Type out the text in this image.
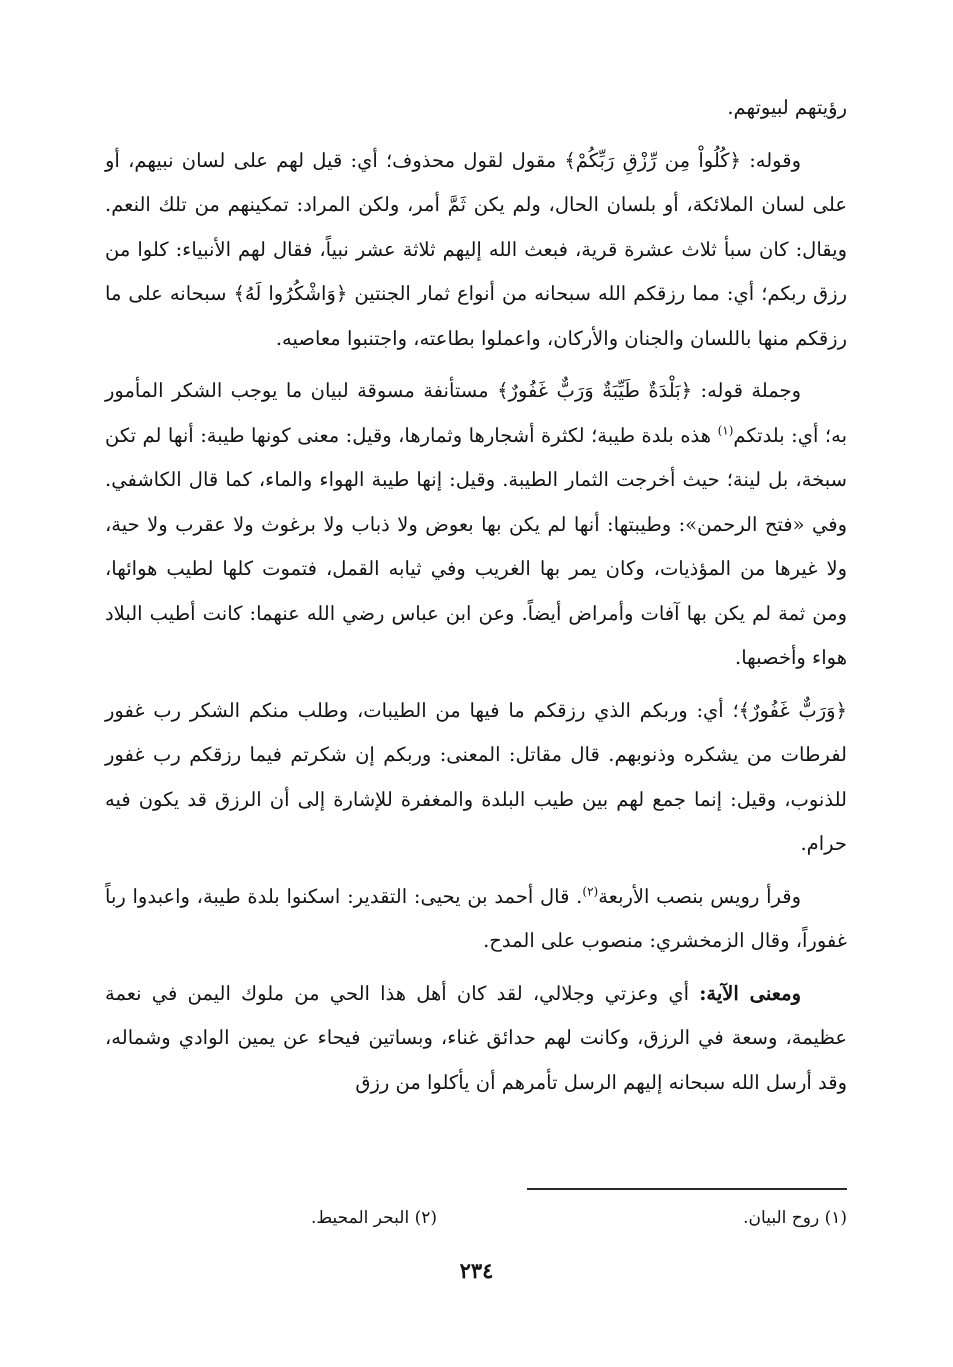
رؤيتهم لبيوتهم.

وقوله: ﴿كُلُواْ مِن رِّزْقِ رَبِّكُمْ﴾ مقول لقول محذوف؛ أي: قيل لهم على لسان نبيهم، أو على لسان الملائكة، أو بلسان الحال، ولم يكن ثَمَّ أمر، ولكن المراد: تمكينهم من تلك النعم. ويقال: كان سبأ ثلاث عشرة قرية، فبعث الله إليهم ثلاثة عشر نبياً، فقال لهم الأنبياء: كلوا من رزق ربكم؛ أي: مما رزقكم الله سبحانه من أنواع ثمار الجنتين ﴿وَاشْكُرُوا لَهُ﴾ سبحانه على ما رزقكم منها باللسان والجنان والأركان، واعملوا بطاعته، واجتنبوا معاصيه.

وجملة قوله: ﴿بَلْدَةٌ طَيِّبَةٌ وَرَبٌّ غَفُورٌ﴾ مستأنفة مسوقة لبيان ما يوجب الشكر المأمور به؛ أي: بلدتكم$^{(١)}$ هذه بلدة طيبة؛ لكثرة أشجارها وثمارها، وقيل: معنى كونها طيبة: أنها لم تكن سبخة، بل لينة؛ حيث أخرجت الثمار الطيبة. وقيل: إنها طيبة الهواء والماء، كما قال الكاشفي. وفي «فتح الرحمن»: وطيبتها: أنها لم يكن بها بعوض ولا ذباب ولا برغوث ولا عقرب ولا حية، ولا غيرها من المؤذيات، وكان يمر بها الغريب وفي ثيابه القمل، فتموت كلها لطيب هوائها، ومن ثمة لم يكن بها آفات وأمراض أيضاً. وعن ابن عباس رضي الله عنهما: كانت أطيب البلاد هواء وأخصبها.

﴿وَرَبٌّ غَفُورٌ﴾؛ أي: وربكم الذي رزقكم ما فيها من الطيبات، وطلب منكم الشكر رب غفور لفرطات من يشكره وذنوبهم. قال مقاتل: المعنى: وربكم إن شكرتم فيما رزقكم رب غفور للذنوب، وقيل: إنما جمع لهم بين طيب البلدة والمغفرة للإشارة إلى أن الرزق قد يكون فيه حرام.

وقرأ رويس بنصب الأربعة$^{(٢)}$. قال أحمد بن يحيى: التقدير: اسكنوا بلدة طيبة، واعبدوا رباً غفوراً، وقال الزمخشري: منصوب على المدح.

ومعنى الآية: أي وعزتي وجلالي، لقد كان أهل هذا الحي من ملوك اليمن في نعمة عظيمة، وسعة في الرزق، وكانت لهم حدائق غناء، وبساتين فيحاء عن يمين الوادي وشماله، وقد أرسل الله سبحانه إليهم الرسل تأمرهم أن يأكلوا من رزق

(١) روح البيان.
(٢) البحر المحيط.
٢٣٤
